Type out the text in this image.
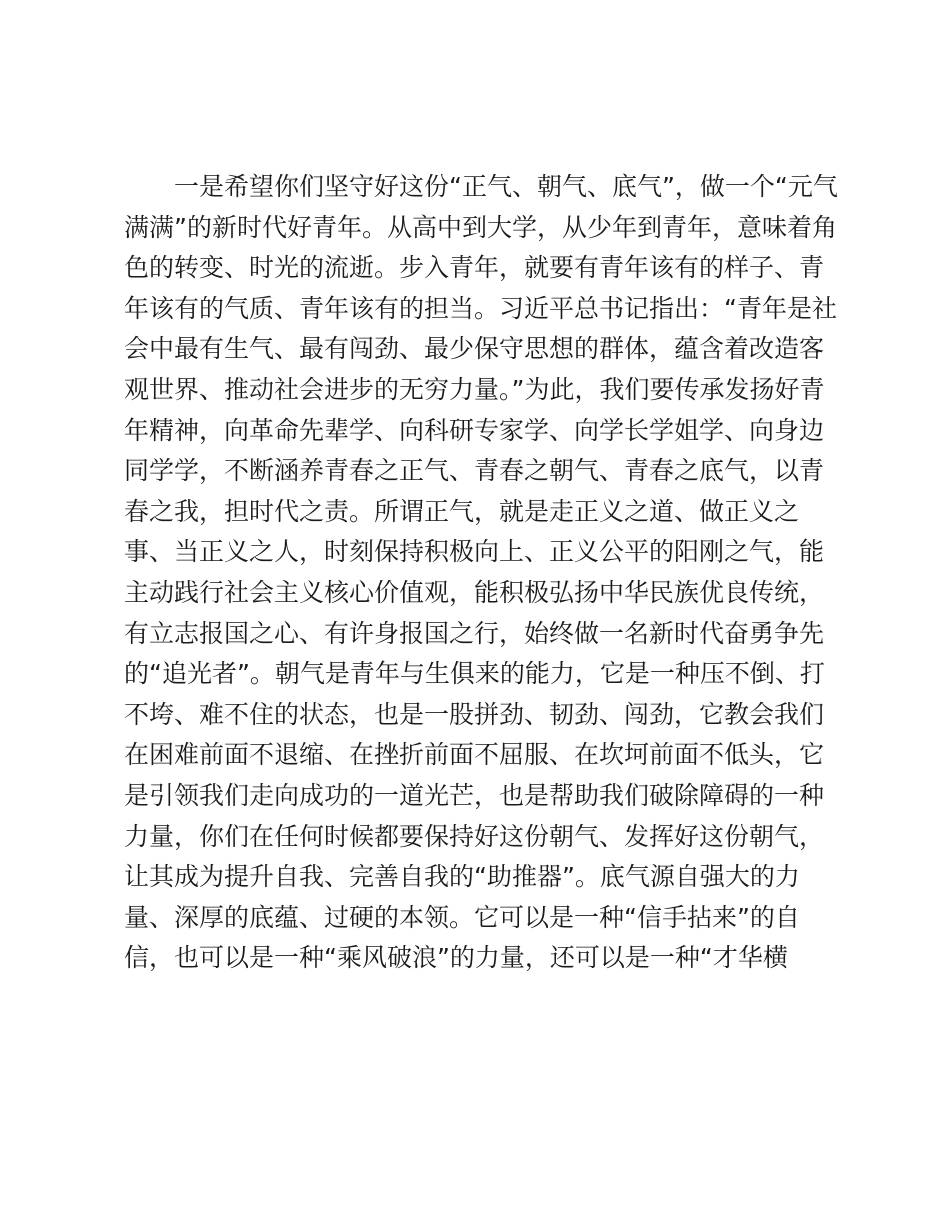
一是希望你们坚守好这份“正气、朝气、底气”，做一个“元气
满满”的新时代好青年。从高中到大学，从少年到青年，意味着角
色的转变、时光的流逝。步入青年，就要有青年该有的样子、青
年该有的气质、青年该有的担当。习近平总书记指出：“青年是社
会中最有生气、最有闯劲、最少保守思想的群体，蕴含着改造客
观世界、推动社会进步的无穷力量。”为此，我们要传承发扬好青
年精神，向革命先辈学、向科研专家学、向学长学姐学、向身边
同学学，不断涵养青春之正气、青春之朝气、青春之底气，以青
春之我，担时代之责。所谓正气，就是走正义之道、做正义之
事、当正义之人，时刻保持积极向上、正义公平的阳刚之气，能
主动践行社会主义核心价值观，能积极弘扬中华民族优良传统，
有立志报国之心、有许身报国之行，始终做一名新时代奋勇争先
的“追光者”。朝气是青年与生俱来的能力，它是一种压不倒、打
不垮、难不住的状态，也是一股拼劲、韧劲、闯劲，它教会我们
在困难前面不退缩、在挫折前面不屈服、在坎坷前面不低头，它
是引领我们走向成功的一道光芒，也是帮助我们破除障碍的一种
力量，你们在任何时候都要保持好这份朝气、发挥好这份朝气，
让其成为提升自我、完善自我的“助推器”。底气源自强大的力
量、深厚的底蕴、过硬的本领。它可以是一种“信手拈来”的自
信，也可以是一种“乘风破浪”的力量，还可以是一种“才华横
